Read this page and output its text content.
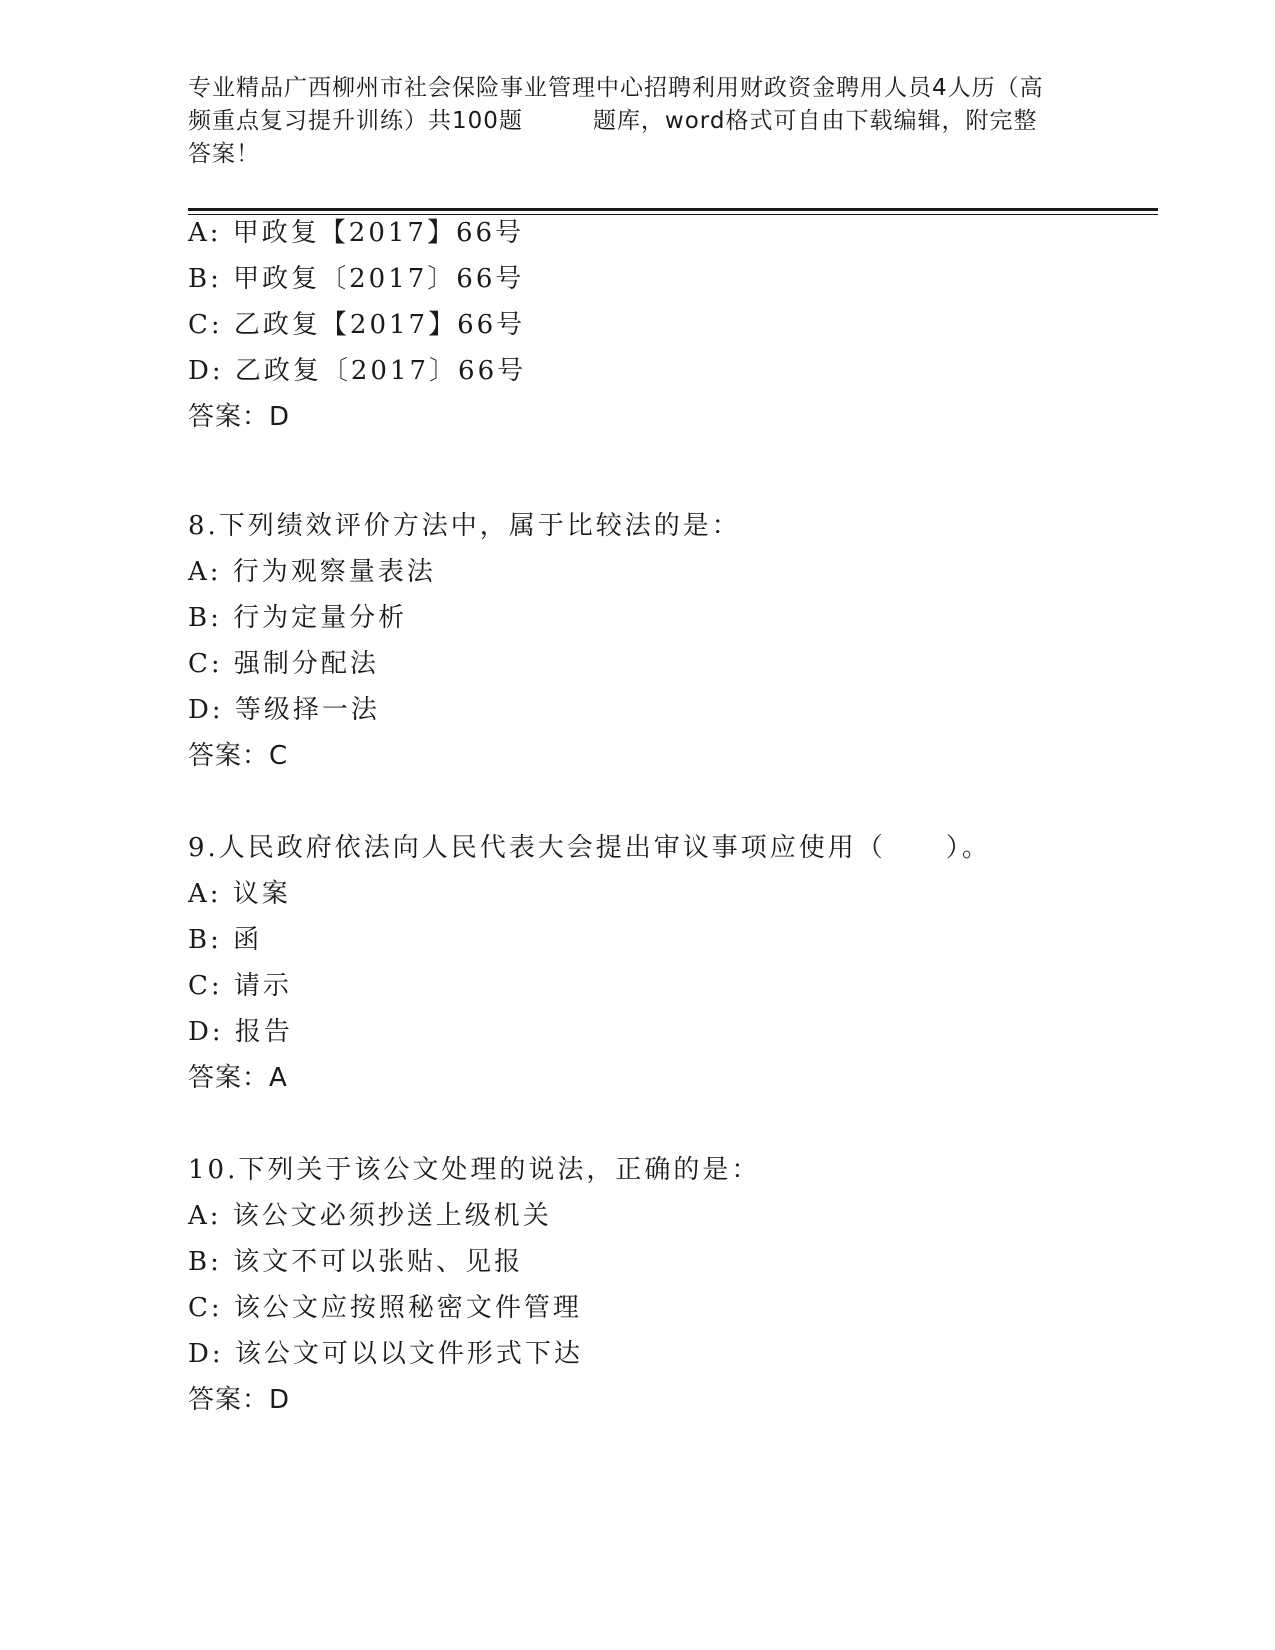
专业精品广西柳州市社会保险事业管理中心招聘利用财政资金聘用人员4人历（高
频重点复习提升训练）共100题	题库，word格式可自由下载编辑，附完整
答案！
A: 甲政复【2017】66号
B: 甲政复〔2017〕66号
C: 乙政复【2017】66号
D: 乙政复〔2017〕66号
答案：D
8.下列绩效评价方法中，属于比较法的是：
A: 行为观察量表法
B: 行为定量分析
C: 强制分配法
D: 等级择一法
答案：C
9.人民政府依法向人民代表大会提出审议事项应使用（ ）。
A: 议案
B: 函
C: 请示
D: 报告
答案：A
10.下列关于该公文处理的说法，正确的是：
A: 该公文必须抄送上级机关
B: 该文不可以张贴、见报
C: 该公文应按照秘密文件管理
D: 该公文可以以文件形式下达
答案：D
